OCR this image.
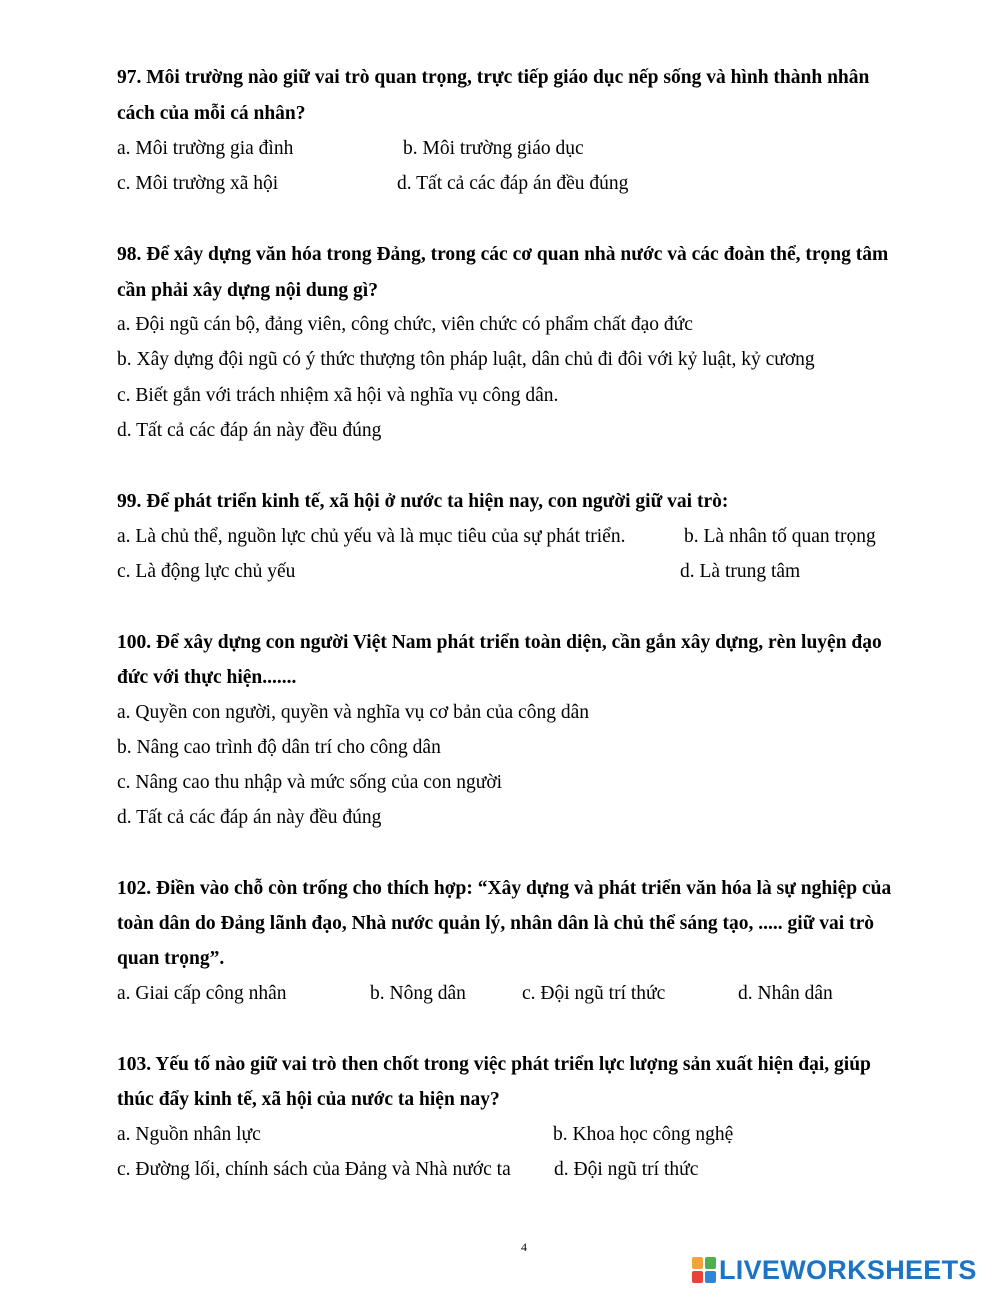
97. Môi trường nào giữ vai trò quan trọng, trực tiếp giáo dục nếp sống và hình thành nhân
cách của mỗi cá nhân?
a. Môi trường gia đình	b. Môi trường giáo dục
c. Môi trường xã hội	d. Tất cả các đáp án đều đúng
98. Để xây dựng văn hóa trong Đảng, trong các cơ quan nhà nước và các đoàn thể, trọng tâm
cần phải xây dựng nội dung gì?
a. Đội ngũ cán bộ, đảng viên, công chức, viên chức có phẩm chất đạo đức
b. Xây dựng đội ngũ có ý thức thượng tôn pháp luật, dân chủ đi đôi với kỷ luật, kỷ cương
c. Biết gắn với trách nhiệm xã hội và nghĩa vụ công dân.
d. Tất cả các đáp án này đều đúng
99. Để phát triển kinh tế, xã hội ở nước ta hiện nay, con người giữ vai trò:
a. Là chủ thể, nguồn lực chủ yếu và là mục tiêu của sự phát triển.	b. Là nhân tố quan trọng
c. Là động lực chủ yếu	d. Là trung tâm
100. Để xây dựng con người Việt Nam phát triển toàn diện, cần gắn xây dựng, rèn luyện đạo
đức với thực hiện.......
a. Quyền con người, quyền và nghĩa vụ cơ bản của công dân
b. Nâng cao trình độ dân trí cho công dân
c. Nâng cao thu nhập và mức sống của con người
d. Tất cả các đáp án này đều đúng
102. Điền vào chỗ còn trống cho thích hợp: “Xây dựng và phát triển văn hóa là sự nghiệp của
toàn dân do Đảng lãnh đạo, Nhà nước quản lý, nhân dân là chủ thể sáng tạo, ..... giữ vai trò
quan trọng”.
a. Giai cấp công nhân	b. Nông dân	c. Đội ngũ trí thức	d. Nhân dân
103. Yếu tố nào giữ vai trò then chốt trong việc phát triển lực lượng sản xuất hiện đại, giúp
thúc đẩy kinh tế, xã hội của nước ta hiện nay?
a. Nguồn nhân lực	b. Khoa học công nghệ
c. Đường lối, chính sách của Đảng và Nhà nước ta d. Đội ngũ trí thức
4
LIVEWORKSHEETS
